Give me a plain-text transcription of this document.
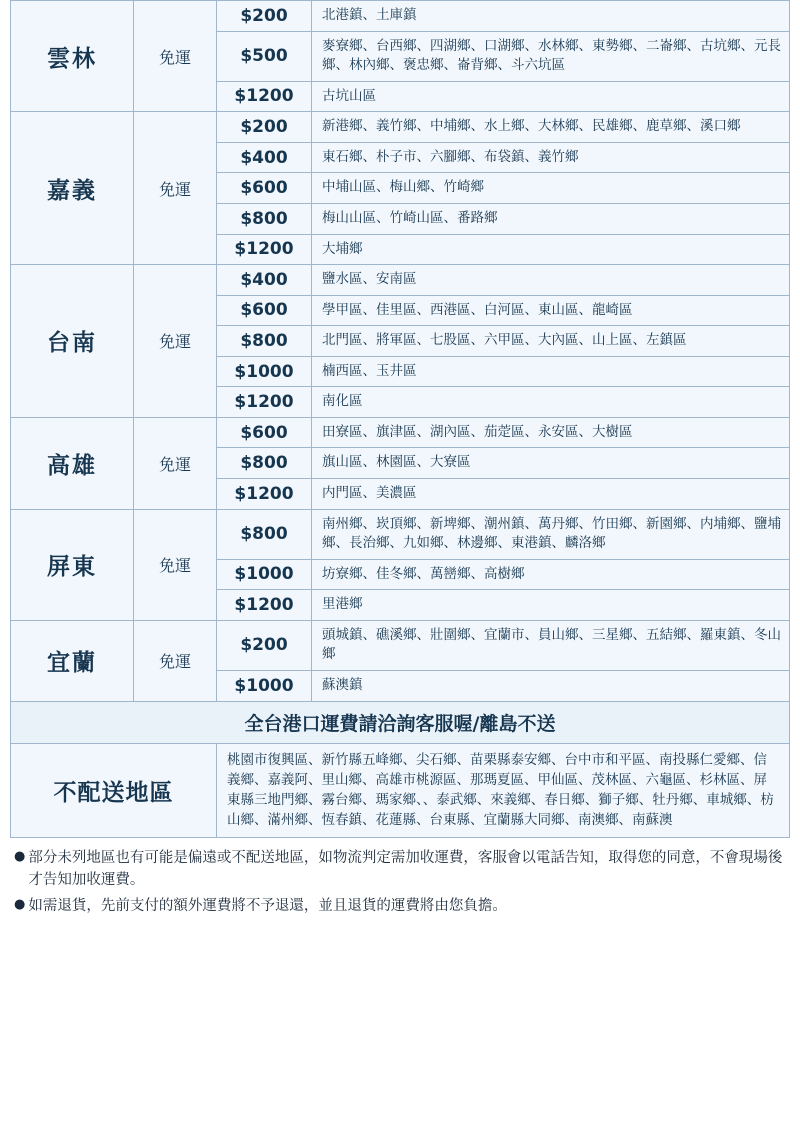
雲林	免運	$200	北港鎮、土庫鎮
		$500	麥寮鄉、台西鄉、四湖鄉、口湖鄉、水林鄉、東勢鄉、二崙鄉、古坑鄉、元長鄉、林內鄉、褒忠鄉、崙背鄉、斗六坑區
		$1200	古坑山區
嘉義	免運	$200	新港鄉、義竹鄉、中埔鄉、水上鄉、大林鄉、民雄鄉、鹿草鄉、溪口鄉
		$400	東石鄉、朴子市、六腳鄉、布袋鎮、義竹鄉
		$600	中埔山區、梅山鄉、竹崎鄉
		$800	梅山山區、竹崎山區、番路鄉
		$1200	大埔鄉
台南	免運	$400	鹽水區、安南區
		$600	學甲區、佳里區、西港區、白河區、東山區、龍崎區
		$800	北門區、將軍區、七股區、六甲區、大內區、山上區、左鎮區
		$1000	楠西區、玉井區
		$1200	南化區
高雄	免運	$600	田寮區、旗津區、湖內區、茄萣區、永安區、大樹區
		$800	旗山區、林園區、大寮區
		$1200	内門區、美濃區
屏東	免運	$800	南州鄉、崁頂鄉、新埤鄉、潮州鎮、萬丹鄉、竹田鄉、新園鄉、内埔鄉、鹽埔鄉、長治鄉、九如鄉、林邊鄉、東港鎮、麟洛鄉
		$1000	坊寮鄉、佳冬鄉、萬巒鄉、高樹鄉
		$1200	里港鄉
宜蘭	免運	$200	頭城鎮、礁溪鄉、壯圍鄉、宜蘭市、員山鄉、三星鄉、五結鄉、羅東鎮、冬山鄉
		$1000	蘇澳鎮
全台港口運費請洽詢客服喔/離島不送			
不配送地區		桃園市復興區、新竹縣五峰鄉、尖石鄉、苗栗縣泰安鄉、台中市和平區、南投縣仁愛鄉、信義鄉、嘉義阿、里山鄉、高雄市桃源區、那瑪夏區、甲仙區、茂林區、六龜區、杉林區、屏東縣三地門鄉、霧台鄉、瑪家鄉、、泰武鄉、來義鄉、春日鄉、獅子鄉、牡丹鄉、車城鄉、枋山鄉、滿州鄉、恆春鎮、花蓮縣、台東縣、宜蘭縣大同鄉、南澳鄉、南蘇澳	
● 部分未列地區也有可能是偏遠或不配送地區，如物流判定需加收運費，客服會以電話告知，取得您的同意，不會現場後才告知加收運費。
● 如需退貨，先前支付的額外運費將不予退還，並且退貨的運費將由您負擔。
